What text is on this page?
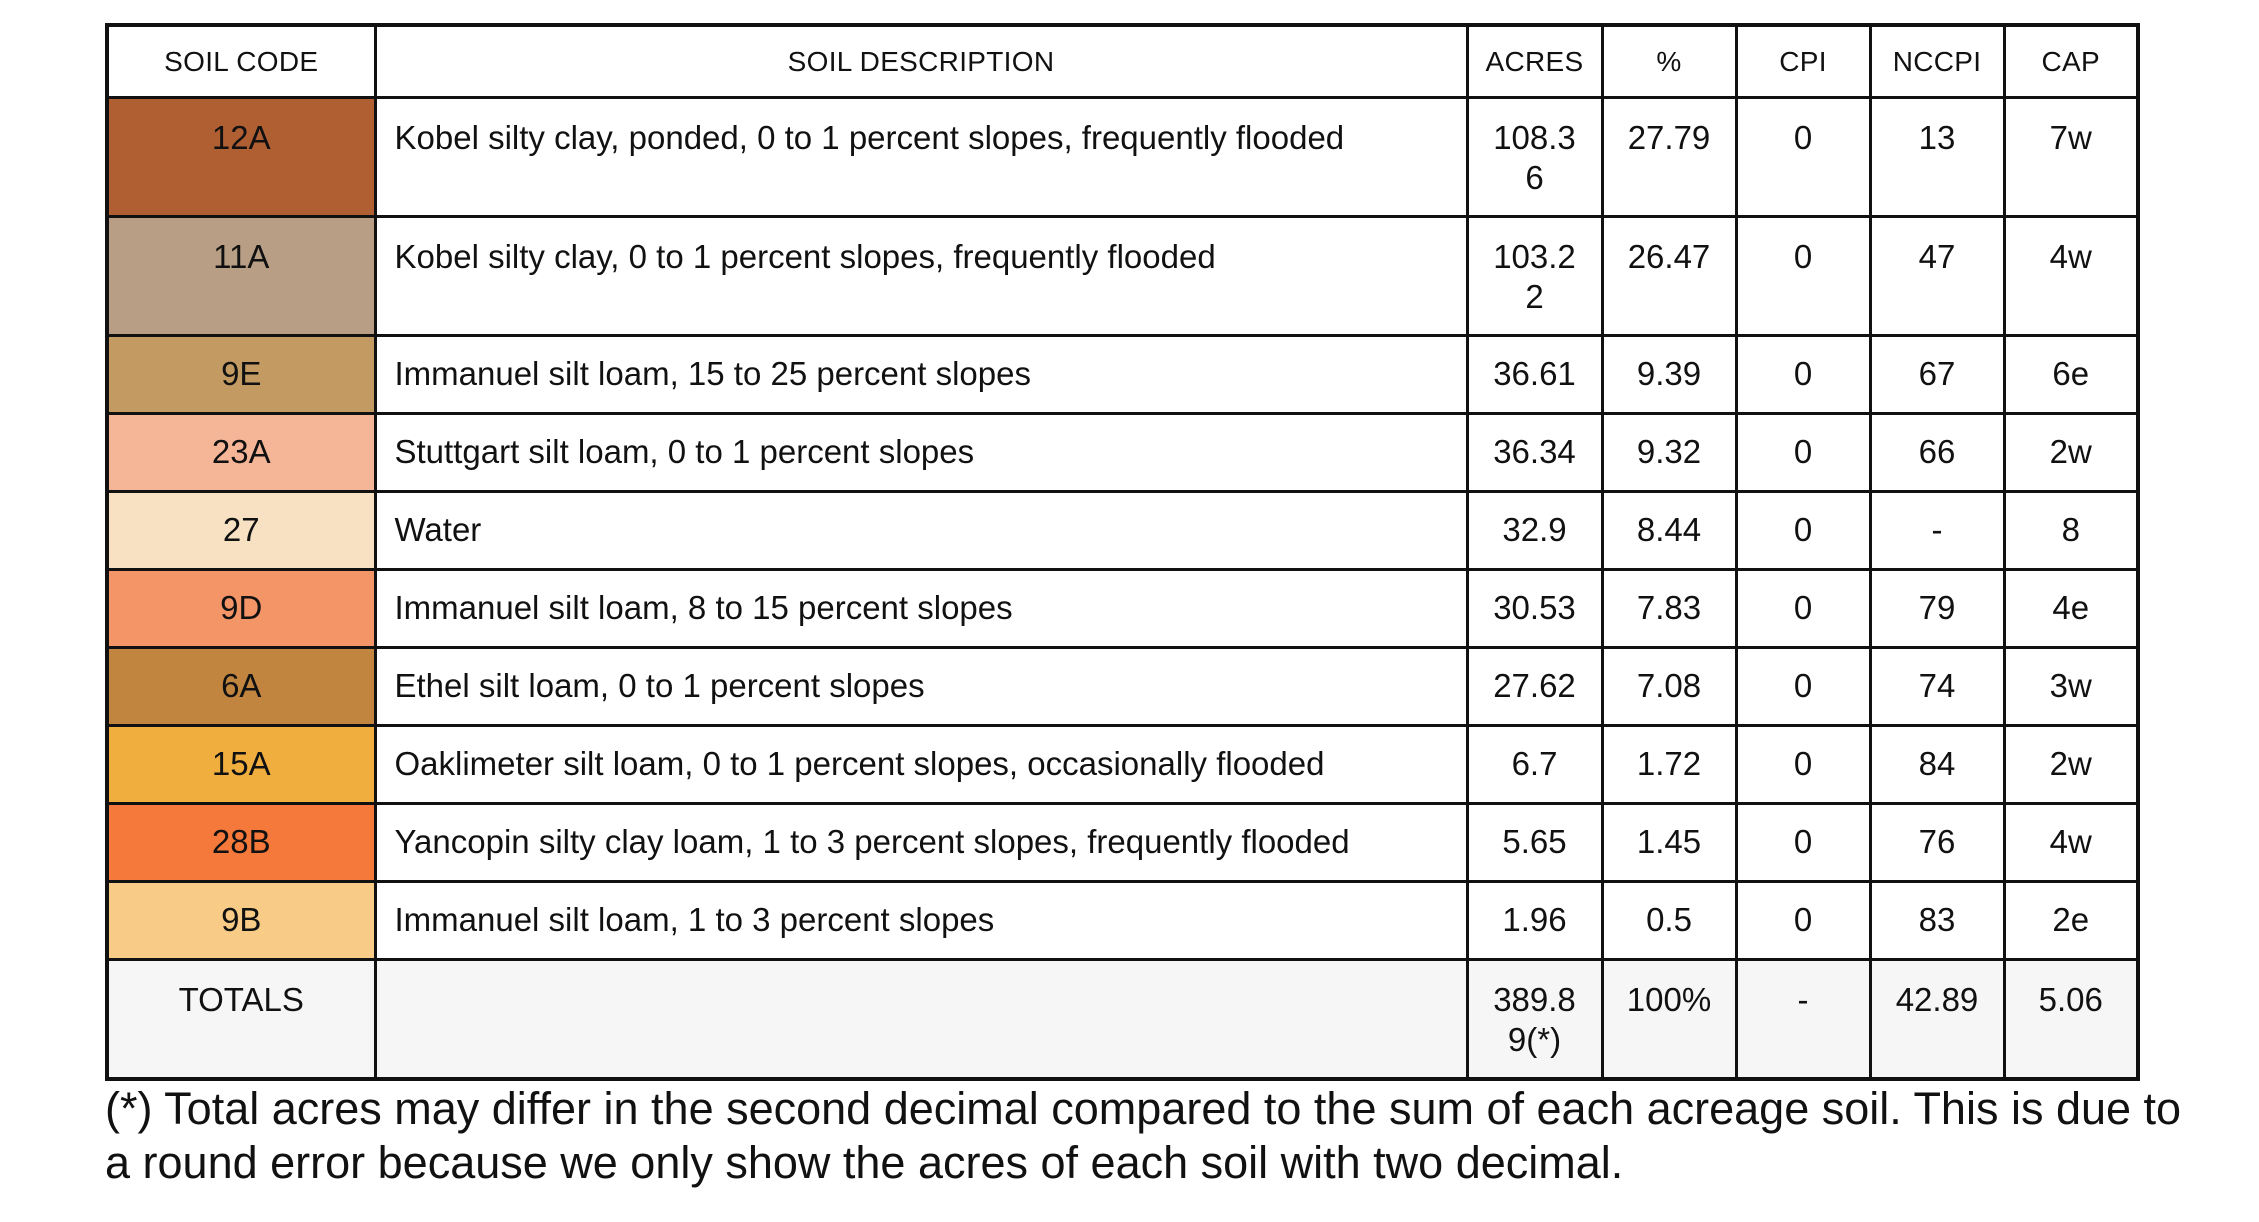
SOIL CODE	SOIL DESCRIPTION	ACRES	%	CPI	NCCPI	CAP
12A	Kobel silty clay, ponded, 0 to 1 percent slopes, frequently flooded	108.36	27.79	0	13	7w
11A	Kobel silty clay, 0 to 1 percent slopes, frequently flooded	103.22	26.47	0	47	4w
9E	Immanuel silt loam, 15 to 25 percent slopes	36.61	9.39	0	67	6e
23A	Stuttgart silt loam, 0 to 1 percent slopes	36.34	9.32	0	66	2w
27	Water	32.9	8.44	0	-	8
9D	Immanuel silt loam, 8 to 15 percent slopes	30.53	7.83	0	79	4e
6A	Ethel silt loam, 0 to 1 percent slopes	27.62	7.08	0	74	3w
15A	Oaklimeter silt loam, 0 to 1 percent slopes, occasionally flooded	6.7	1.72	0	84	2w
28B	Yancopin silty clay loam, 1 to 3 percent slopes, frequently flooded	5.65	1.45	0	76	4w
9B	Immanuel silt loam, 1 to 3 percent slopes	1.96	0.5	0	83	2e
TOTALS		389.89(*)	100%	-	42.89	5.06

(*) Total acres may differ in the second decimal compared to the sum of each acreage soil. This is due to a round error because we only show the acres of each soil with two decimal.
